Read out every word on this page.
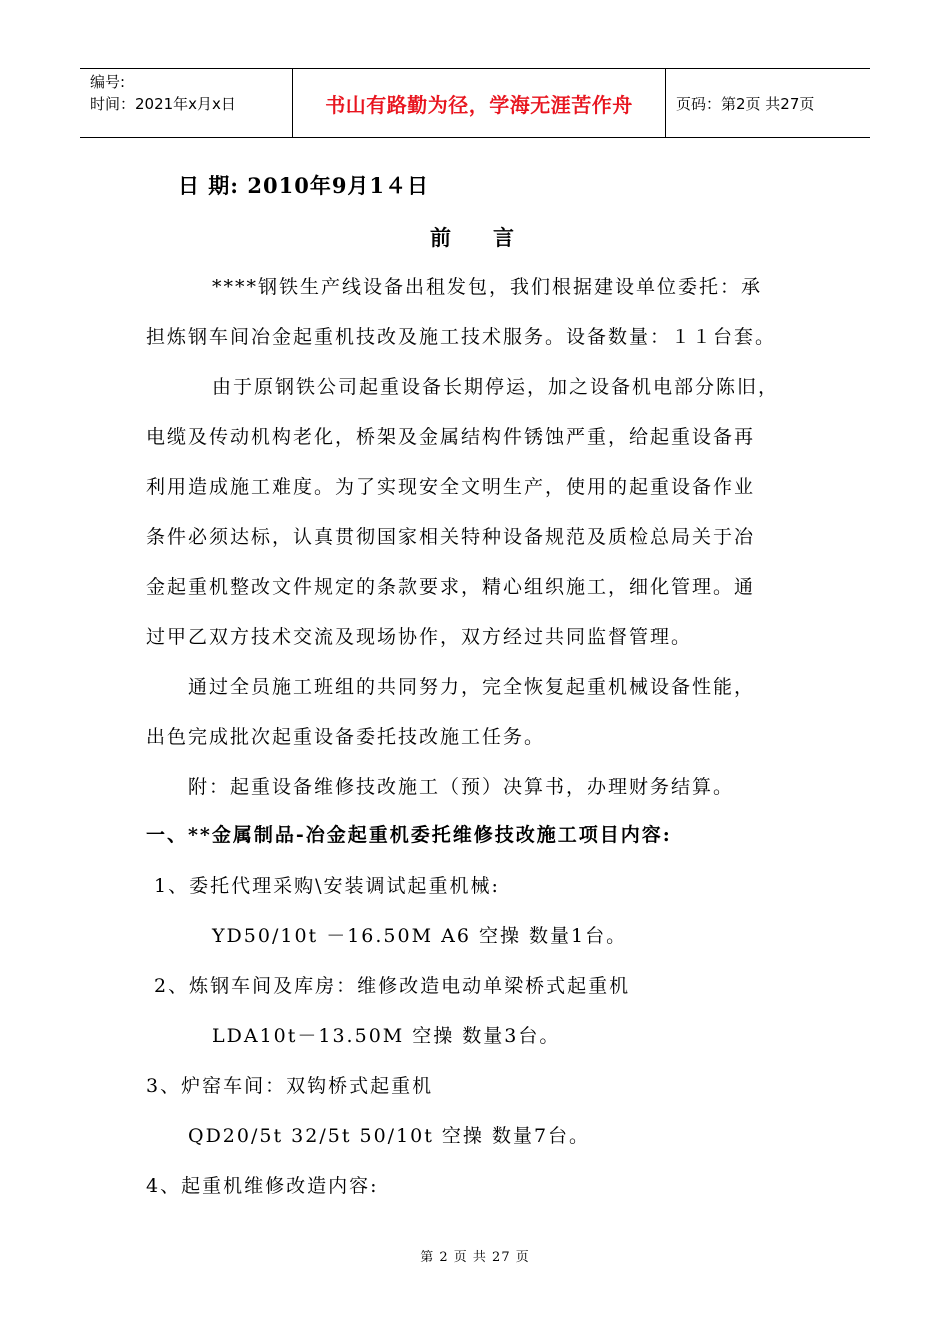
编号:
时间：2021年x月x日	书山有路勤为径，学海无涯苦作舟	页码：第2页 共27页
日 期: 2010年9月1４日
前言
****钢铁生产线设备出租发包，我们根据建设单位委托：承
担炼钢车间冶金起重机技改及施工技术服务。设备数量：１１台套。
由于原钢铁公司起重设备长期停运，加之设备机电部分陈旧，
电缆及传动机构老化，桥架及金属结构件锈蚀严重，给起重设备再
利用造成施工难度。为了实现安全文明生产，使用的起重设备作业
条件必须达标，认真贯彻国家相关特种设备规范及质检总局关于冶
金起重机整改文件规定的条款要求，精心组织施工，细化管理。通
过甲乙双方技术交流及现场协作，双方经过共同监督管理。
通过全员施工班组的共同努力，完全恢复起重机械设备性能，
出色完成批次起重设备委托技改施工任务。
附：起重设备维修技改施工（预）决算书，办理财务结算。
一、**金属制品-冶金起重机委托维修技改施工项目内容:
1、委托代理采购\安装调试起重机械:
YD50/10t －16.50M A6 空操 数量1台。
2、炼钢车间及库房：维修改造电动单梁桥式起重机
LDA10t－13.50M 空操 数量3台。
3、炉窑车间：双钩桥式起重机
QD20/5t 32/5t 50/10t 空操 数量7台。
4、起重机维修改造内容:
第 2 页 共 27 页
